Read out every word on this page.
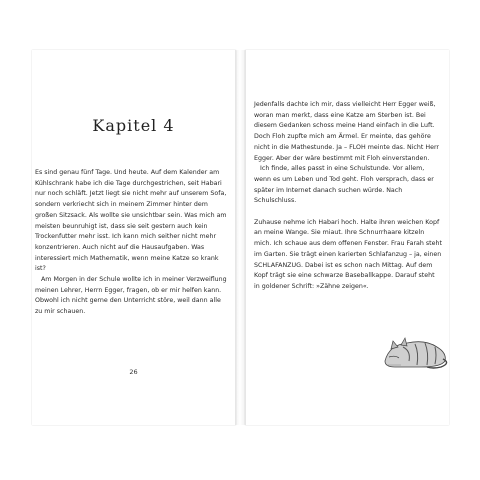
Kapitel 4

Es sind genau fünf Tage. Und heute. Auf dem Kalender am Kühlschrank habe ich die Tage durchgestrichen, seit Habari nur noch schläft. Jetzt liegt sie nicht mehr auf unserem Sofa, sondern verkriecht sich in meinem Zimmer hinter dem großen Sitzsack. Als wollte sie unsichtbar sein. Was mich am meisten beunruhigt ist, dass sie seit gestern auch kein Trockenfutter mehr isst. Ich kann mich seither nicht mehr konzentrieren. Auch nicht auf die Hausaufgaben. Was interessiert mich Mathematik, wenn meine Katze so krank ist?

Am Morgen in der Schule wollte ich in meiner Verzweiflung meinen Lehrer, Herrn Egger, fragen, ob er mir helfen kann. Obwohl ich nicht gerne den Unterricht störe, weil dann alle zu mir schauen.

26

Jedenfalls dachte ich mir, dass vielleicht Herr Egger weiß, woran man merkt, dass eine Katze am Sterben ist. Bei diesem Gedanken schoss meine Hand einfach in die Luft. Doch Floh zupfte mich am Ärmel. Er meinte, das gehöre nicht in die Mathestunde. Ja – FLOH meinte das. Nicht Herr Egger. Aber der wäre bestimmt mit Floh einverstanden.

Ich finde, alles passt in eine Schulstunde. Vor allem, wenn es um Leben und Tod geht. Floh versprach, dass er später im Internet danach suchen würde. Nach Schulschluss.

Zuhause nehme ich Habari hoch. Halte ihren weichen Kopf an meine Wange. Sie miaut. Ihre Schnurrhaare kitzeln mich. Ich schaue aus dem offenen Fenster. Frau Farah steht im Garten. Sie trägt einen karierten Schlafanzug – ja, einen SCHLAFANZUG. Dabei ist es schon nach Mittag. Auf dem Kopf trägt sie eine schwarze Baseballkappe. Darauf steht in goldener Schrift: »Zähne zeigen«.
